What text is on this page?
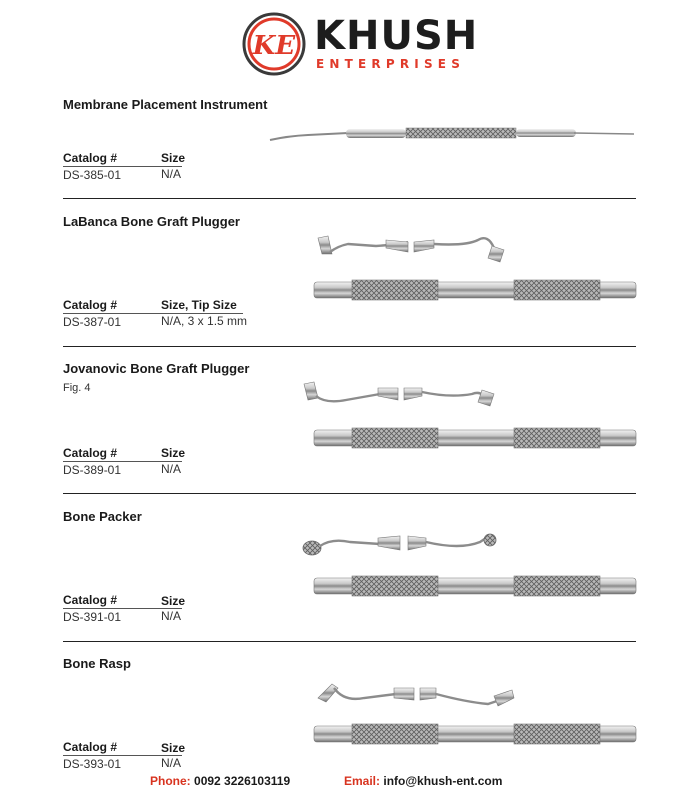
KE KHUSH
ENTERPRISES
Membrane Placement Instrument
Catalog #	Size
DS-385-01	N/A
LaBanca Bone Graft Plugger
Catalog #	Size, Tip Size
DS-387-01	N/A, 3 x 1.5 mm
Jovanovic Bone Graft Plugger
Fig. 4
Catalog #	Size
DS-389-01	N/A
Bone Packer
Catalog #	Size
DS-391-01	N/A
Bone Rasp
Catalog #	Size
DS-393-01	N/A
Phone: 0092 3226103119	Email: info@khush-ent.com
